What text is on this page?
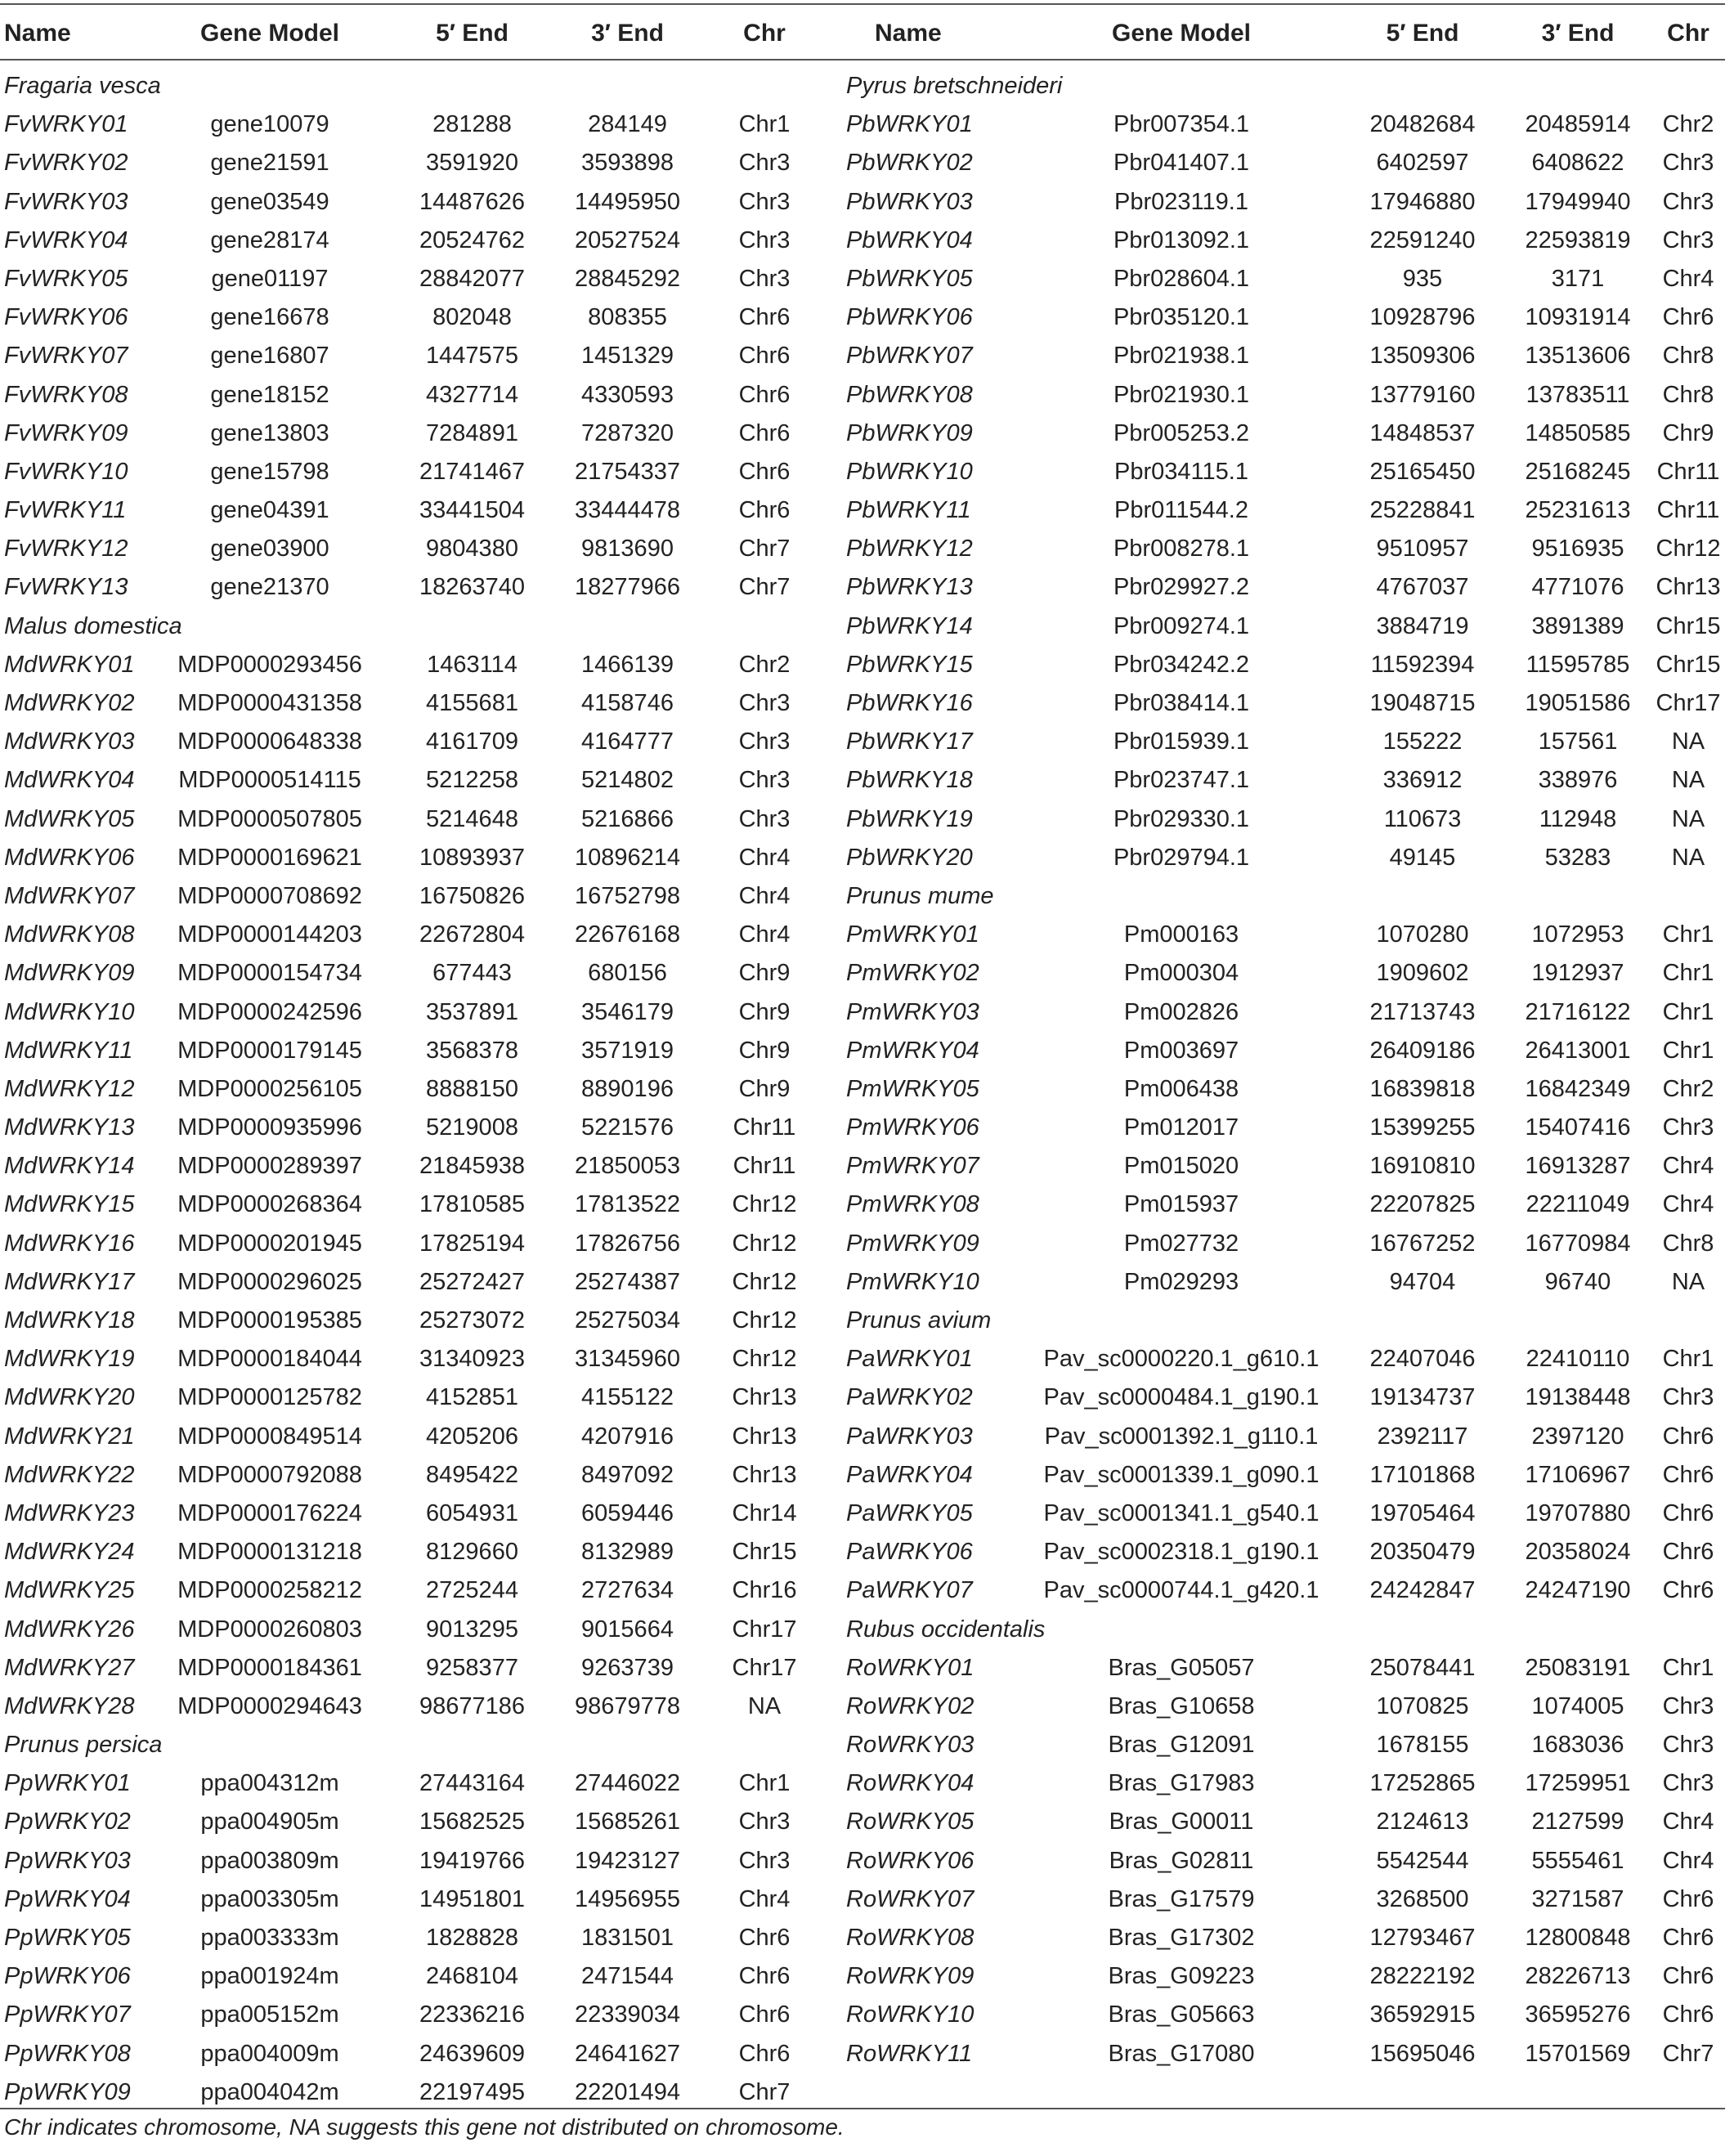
Name	Gene Model	5′ End	3′ End	Chr	Name	Gene Model	5′ End	3′ End	Chr
Fragaria vesca
FvWRKY01	gene10079	281288	284149	Chr1
FvWRKY02	gene21591	3591920	3593898	Chr3
FvWRKY03	gene03549	14487626	14495950	Chr3
FvWRKY04	gene28174	20524762	20527524	Chr3
FvWRKY05	gene01197	28842077	28845292	Chr3
FvWRKY06	gene16678	802048	808355	Chr6
FvWRKY07	gene16807	1447575	1451329	Chr6
FvWRKY08	gene18152	4327714	4330593	Chr6
FvWRKY09	gene13803	7284891	7287320	Chr6
FvWRKY10	gene15798	21741467	21754337	Chr6
FvWRKY11	gene04391	33441504	33444478	Chr6
FvWRKY12	gene03900	9804380	9813690	Chr7
FvWRKY13	gene21370	18263740	18277966	Chr7
Malus domestica
MdWRKY01	MDP0000293456	1463114	1466139	Chr2
MdWRKY02	MDP0000431358	4155681	4158746	Chr3
MdWRKY03	MDP0000648338	4161709	4164777	Chr3
MdWRKY04	MDP0000514115	5212258	5214802	Chr3
MdWRKY05	MDP0000507805	5214648	5216866	Chr3
MdWRKY06	MDP0000169621	10893937	10896214	Chr4
MdWRKY07	MDP0000708692	16750826	16752798	Chr4
MdWRKY08	MDP0000144203	22672804	22676168	Chr4
MdWRKY09	MDP0000154734	677443	680156	Chr9
MdWRKY10	MDP0000242596	3537891	3546179	Chr9
MdWRKY11	MDP0000179145	3568378	3571919	Chr9
MdWRKY12	MDP0000256105	8888150	8890196	Chr9
MdWRKY13	MDP0000935996	5219008	5221576	Chr11
MdWRKY14	MDP0000289397	21845938	21850053	Chr11
MdWRKY15	MDP0000268364	17810585	17813522	Chr12
MdWRKY16	MDP0000201945	17825194	17826756	Chr12
MdWRKY17	MDP0000296025	25272427	25274387	Chr12
MdWRKY18	MDP0000195385	25273072	25275034	Chr12
MdWRKY19	MDP0000184044	31340923	31345960	Chr12
MdWRKY20	MDP0000125782	4152851	4155122	Chr13
MdWRKY21	MDP0000849514	4205206	4207916	Chr13
MdWRKY22	MDP0000792088	8495422	8497092	Chr13
MdWRKY23	MDP0000176224	6054931	6059446	Chr14
MdWRKY24	MDP0000131218	8129660	8132989	Chr15
MdWRKY25	MDP0000258212	2725244	2727634	Chr16
MdWRKY26	MDP0000260803	9013295	9015664	Chr17
MdWRKY27	MDP0000184361	9258377	9263739	Chr17
MdWRKY28	MDP0000294643	98677186	98679778	NA
Prunus persica
PpWRKY01	ppa004312m	27443164	27446022	Chr1
PpWRKY02	ppa004905m	15682525	15685261	Chr3
PpWRKY03	ppa003809m	19419766	19423127	Chr3
PpWRKY04	ppa003305m	14951801	14956955	Chr4
PpWRKY05	ppa003333m	1828828	1831501	Chr6
PpWRKY06	ppa001924m	2468104	2471544	Chr6
PpWRKY07	ppa005152m	22336216	22339034	Chr6
PpWRKY08	ppa004009m	24639609	24641627	Chr6
PpWRKY09	ppa004042m	22197495	22201494	Chr7
Pyrus bretschneideri
PbWRKY01	Pbr007354.1	20482684	20485914	Chr2
PbWRKY02	Pbr041407.1	6402597	6408622	Chr3
PbWRKY03	Pbr023119.1	17946880	17949940	Chr3
PbWRKY04	Pbr013092.1	22591240	22593819	Chr3
PbWRKY05	Pbr028604.1	935	3171	Chr4
PbWRKY06	Pbr035120.1	10928796	10931914	Chr6
PbWRKY07	Pbr021938.1	13509306	13513606	Chr8
PbWRKY08	Pbr021930.1	13779160	13783511	Chr8
PbWRKY09	Pbr005253.2	14848537	14850585	Chr9
PbWRKY10	Pbr034115.1	25165450	25168245	Chr11
PbWRKY11	Pbr011544.2	25228841	25231613	Chr11
PbWRKY12	Pbr008278.1	9510957	9516935	Chr12
PbWRKY13	Pbr029927.2	4767037	4771076	Chr13
PbWRKY14	Pbr009274.1	3884719	3891389	Chr15
PbWRKY15	Pbr034242.2	11592394	11595785	Chr15
PbWRKY16	Pbr038414.1	19048715	19051586	Chr17
PbWRKY17	Pbr015939.1	155222	157561	NA
PbWRKY18	Pbr023747.1	336912	338976	NA
PbWRKY19	Pbr029330.1	110673	112948	NA
PbWRKY20	Pbr029794.1	49145	53283	NA
Prunus mume
PmWRKY01	Pm000163	1070280	1072953	Chr1
PmWRKY02	Pm000304	1909602	1912937	Chr1
PmWRKY03	Pm002826	21713743	21716122	Chr1
PmWRKY04	Pm003697	26409186	26413001	Chr1
PmWRKY05	Pm006438	16839818	16842349	Chr2
PmWRKY06	Pm012017	15399255	15407416	Chr3
PmWRKY07	Pm015020	16910810	16913287	Chr4
PmWRKY08	Pm015937	22207825	22211049	Chr4
PmWRKY09	Pm027732	16767252	16770984	Chr8
PmWRKY10	Pm029293	94704	96740	NA
Prunus avium
PaWRKY01	Pav_sc0000220.1_g610.1	22407046	22410110	Chr1
PaWRKY02	Pav_sc0000484.1_g190.1	19134737	19138448	Chr3
PaWRKY03	Pav_sc0001392.1_g110.1	2392117	2397120	Chr6
PaWRKY04	Pav_sc0001339.1_g090.1	17101868	17106967	Chr6
PaWRKY05	Pav_sc0001341.1_g540.1	19705464	19707880	Chr6
PaWRKY06	Pav_sc0002318.1_g190.1	20350479	20358024	Chr6
PaWRKY07	Pav_sc0000744.1_g420.1	24242847	24247190	Chr6
Rubus occidentalis
RoWRKY01	Bras_G05057	25078441	25083191	Chr1
RoWRKY02	Bras_G10658	1070825	1074005	Chr3
RoWRKY03	Bras_G12091	1678155	1683036	Chr3
RoWRKY04	Bras_G17983	17252865	17259951	Chr3
RoWRKY05	Bras_G00011	2124613	2127599	Chr4
RoWRKY06	Bras_G02811	5542544	5555461	Chr4
RoWRKY07	Bras_G17579	3268500	3271587	Chr6
RoWRKY08	Bras_G17302	12793467	12800848	Chr6
RoWRKY09	Bras_G09223	28222192	28226713	Chr6
RoWRKY10	Bras_G05663	36592915	36595276	Chr6
RoWRKY11	Bras_G17080	15695046	15701569	Chr7
Chr indicates chromosome, NA suggests this gene not distributed on chromosome.
